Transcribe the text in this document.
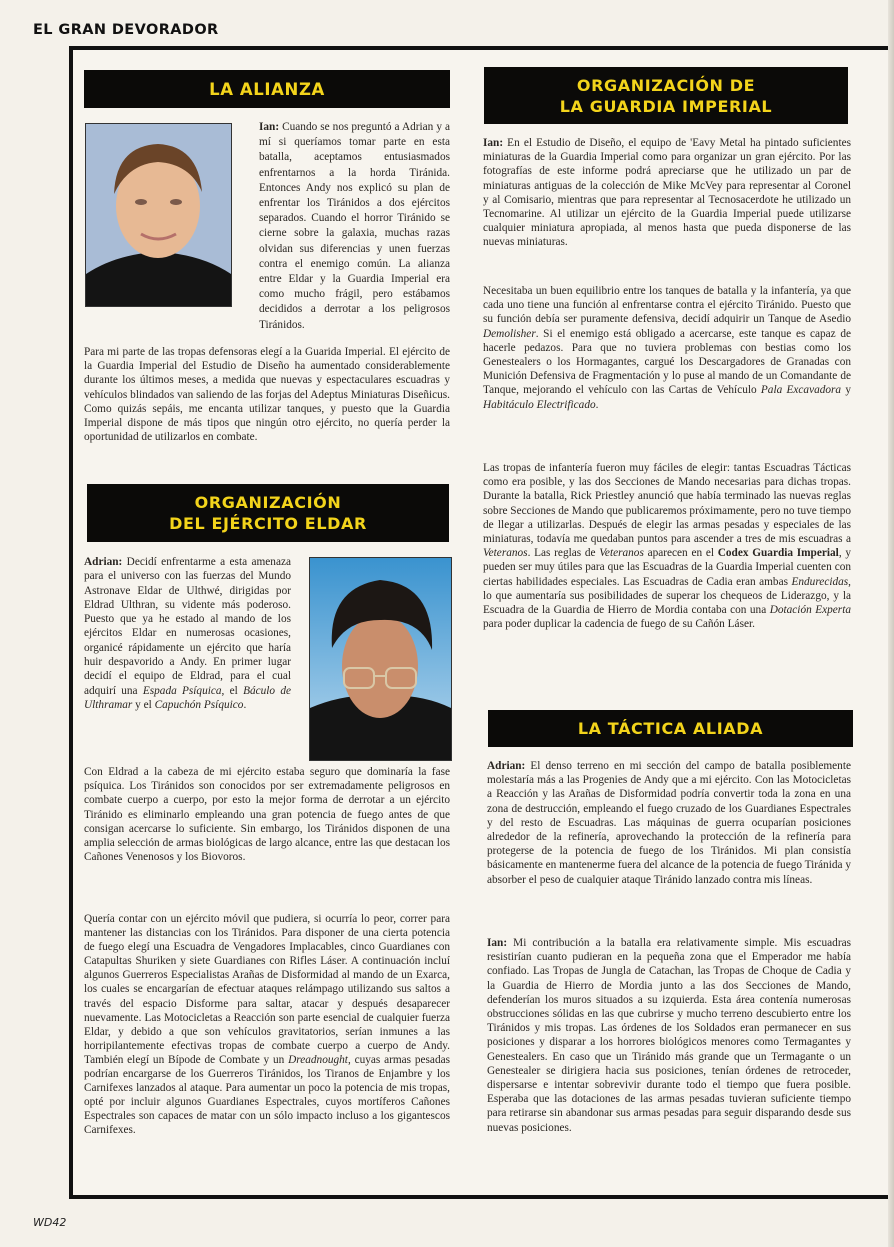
EL GRAN DEVORADOR
LA ALIANZA

Ian: Cuando se nos preguntó a Adrian y a mí si queríamos tomar parte en esta batalla, aceptamos entusiasmados enfrentarnos a la horda Tiránida. Entonces Andy nos explicó su plan de enfrentar los Tiránidos a dos ejércitos separados. Cuando el horror Tiránido se cierne sobre la galaxia, muchas razas olvidan sus diferencias y unen fuerzas contra el enemigo común. La alianza entre Eldar y la Guardia Imperial era como mucho frágil, pero estábamos decididos a derrotar a los peligrosos Tiránidos.

Para mi parte de las tropas defensoras elegí a la Guarida Imperial. El ejército de la Guardia Imperial del Estudio de Diseño ha aumentado considerablemente durante los últimos meses, a medida que nuevas y espectaculares escuadras y vehículos blindados van saliendo de las forjas del Adeptus Miniaturas Diseñicus. Como quizás sepáis, me encanta utilizar tanques, y puesto que la Guardia Imperial dispone de más tipos que ningún otro ejército, no quería perder la oportunidad de utilizarlos en combate.

ORGANIZACIÓN
DEL EJÉRCITO ELDAR

Adrian: Decidí enfrentarme a esta amenaza para el universo con las fuerzas del Mundo Astronave Eldar de Ulthwé, dirigidas por Eldrad Ulthran, su vidente más poderoso. Puesto que ya he estado al mando de los ejércitos Eldar en numerosas ocasiones, organicé rápidamente un ejército que haría huir despavorido a Andy. En primer lugar decidí el equipo de Eldrad, para el cual adquirí una Espada Psíquica, el Báculo de Ulthramar y el Capuchón Psíquico.

Con Eldrad a la cabeza de mi ejército estaba seguro que dominaría la fase psíquica. Los Tiránidos son conocidos por ser extremadamente peligrosos en combate cuerpo a cuerpo, por esto la mejor forma de derrotar a un ejército Tiránido es eliminarlo empleando una gran potencia de fuego antes de que consigan acercarse lo suficiente. Sin embargo, los Tiránidos disponen de una amplia selección de armas biológicas de largo alcance, entre las que destacan los Cañones Venenosos y los Biovoros.

Quería contar con un ejército móvil que pudiera, si ocurría lo peor, correr para mantener las distancias con los Tiránidos. Para disponer de una cierta potencia de fuego elegí una Escuadra de Vengadores Implacables, cinco Guardianes con Catapultas Shuriken y siete Guardianes con Rifles Láser. A continuación incluí algunos Guerreros Especialistas Arañas de Disformidad al mando de un Exarca, los cuales se encargarían de efectuar ataques relámpago utilizando sus saltos a través del espacio Disforme para saltar, atacar y después desaparecer nuevamente. Las Motocicletas a Reacción son parte esencial de cualquier fuerza Eldar, y debido a que son vehículos gravitatorios, serían inmunes a las horripilantemente efectivas tropas de combate cuerpo a cuerpo de Andy. También elegí un Bípode de Combate y un Dreadnought, cuyas armas pesadas podrían encargarse de los Guerreros Tiránidos, los Tiranos de Enjambre y los Carnifexes lanzados al ataque. Para aumentar un poco la potencia de mis tropas, opté por incluir algunos Guardianes Espectrales, cuyos mortíferos Cañones Espectrales son capaces de matar con un sólo impacto incluso a los gigantescos Carnifexes.

ORGANIZACIÓN DE
LA GUARDIA IMPERIAL

Ian: En el Estudio de Diseño, el equipo de 'Eavy Metal ha pintado suficientes miniaturas de la Guardia Imperial como para organizar un gran ejército. Por las fotografías de este informe podrá apreciarse que he utilizado un par de miniaturas antiguas de la colección de Mike McVey para representar al Coronel y al Comisario, mientras que para representar al Tecnosacerdote he utilizado un Tecnomarine. Al utilizar un ejército de la Guardia Imperial puede utilizarse cualquier miniatura apropiada, al menos hasta que pueda disponerse de las nuevas miniaturas.

Necesitaba un buen equilibrio entre los tanques de batalla y la infantería, ya que cada uno tiene una función al enfrentarse contra el ejército Tiránido. Puesto que su función debía ser puramente defensiva, decidí adquirir un Tanque de Asedio Demolisher. Si el enemigo está obligado a acercarse, este tanque es capaz de hacerle pedazos. Para que no tuviera problemas con bestias como los Genestealers o los Hormagantes, cargué los Descargadores de Granadas con Munición Defensiva de Fragmentación y lo puse al mando de un Comandante de Tanque, mejorando el vehículo con las Cartas de Vehículo Pala Excavadora y Habitáculo Electrificado.

Las tropas de infantería fueron muy fáciles de elegir: tantas Escuadras Tácticas como era posible, y las dos Secciones de Mando necesarias para dichas tropas. Durante la batalla, Rick Priestley anunció que había terminado las nuevas reglas sobre Secciones de Mando que publicaremos próximamente, pero no tuve tiempo de llegar a utilizarlas. Después de elegir las armas pesadas y especiales de las miniaturas, todavía me quedaban puntos para ascender a tres de mis escuadras a Veteranos. Las reglas de Veteranos aparecen en el Codex Guardia Imperial, y pueden ser muy útiles para que las Escuadras de la Guardia Imperial cuenten con ciertas habilidades especiales. Las Escuadras de Cadia eran ambas Endurecidas, lo que aumentaría sus posibilidades de superar los chequeos de Liderazgo, y la Escuadra de la Guardia de Hierro de Mordia contaba con una Dotación Experta para poder duplicar la cadencia de fuego de su Cañón Láser.

LA TÁCTICA ALIADA

Adrian: El denso terreno en mi sección del campo de batalla posiblemente molestaría más a las Progenies de Andy que a mi ejército. Con las Motocicletas a Reacción y las Arañas de Disformidad podría convertir toda la zona en una zona de destrucción, empleando el fuego cruzado de los Guardianes Espectrales y del resto de Escuadras. Las máquinas de guerra ocuparían posiciones alrededor de la refinería, aprovechando la protección de la refinería para protegerse de la potencia de fuego de los Tiránidos. Mi plan consistía básicamente en mantenerme fuera del alcance de la potencia de fuego Tiránida y absorber el peso de cualquier ataque Tiránido lanzado contra mis líneas.

Ian: Mi contribución a la batalla era relativamente simple. Mis escuadras resistirían cuanto pudieran en la pequeña zona que el Emperador me había confiado. Las Tropas de Jungla de Catachan, las Tropas de Choque de Cadia y la Guardia de Hierro de Mordia junto a las dos Secciones de Mando, defenderían los muros situados a su izquierda. Esta área contenía numerosas obstrucciones sólidas en las que cubrirse y mucho terreno descubierto entre los Tiránidos y mis tropas. Las órdenes de los Soldados eran permanecer en sus posiciones y disparar a los horrores biológicos menores como Termagantes y Genestealers. En caso que un Tiránido más grande que un Termagante o un Genestealer se dirigiera hacia sus posiciones, tenían órdenes de retroceder, dispersarse e intentar sobrevivir durante todo el tiempo que fuera posible. Esperaba que las dotaciones de las armas pesadas tuvieran suficiente tiempo para retirarse sin abandonar sus armas pesadas para seguir disparando desde sus nuevas posiciones.

WD42
